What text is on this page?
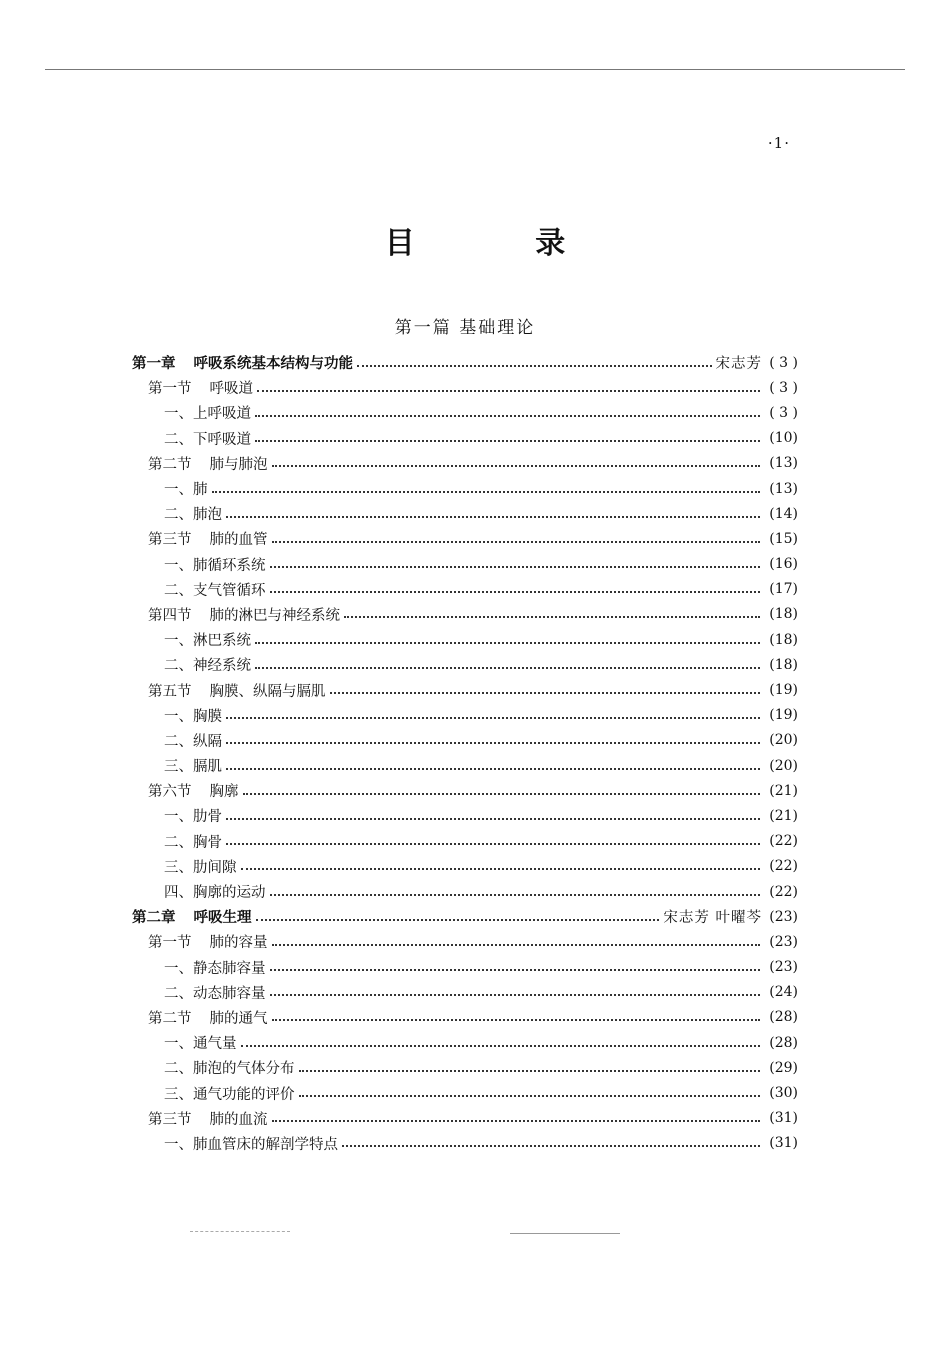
·1·
目 录
第一篇 基础理论
第一章 呼吸系统基本结构与功能	宋志芳 ( 3 )
第一节 呼吸道	( 3 )
一、上呼吸道	( 3 )
二、下呼吸道	(10)
第二节 肺与肺泡	(13)
一、肺	(13)
二、肺泡	(14)
第三节 肺的血管	(15)
一、肺循环系统	(16)
二、支气管循环	(17)
第四节 肺的淋巴与神经系统	(18)
一、淋巴系统	(18)
二、神经系统	(18)
第五节 胸膜、纵隔与膈肌	(19)
一、胸膜	(19)
二、纵隔	(20)
三、膈肌	(20)
第六节 胸廓	(21)
一、肋骨	(21)
二、胸骨	(22)
三、肋间隙	(22)
四、胸廓的运动	(22)
第二章 呼吸生理	宋志芳 叶曜芩 (23)
第一节 肺的容量	(23)
一、静态肺容量	(23)
二、动态肺容量	(24)
第二节 肺的通气	(28)
一、通气量	(28)
二、肺泡的气体分布	(29)
三、通气功能的评价	(30)
第三节 肺的血流	(31)
一、肺血管床的解剖学特点	(31)
